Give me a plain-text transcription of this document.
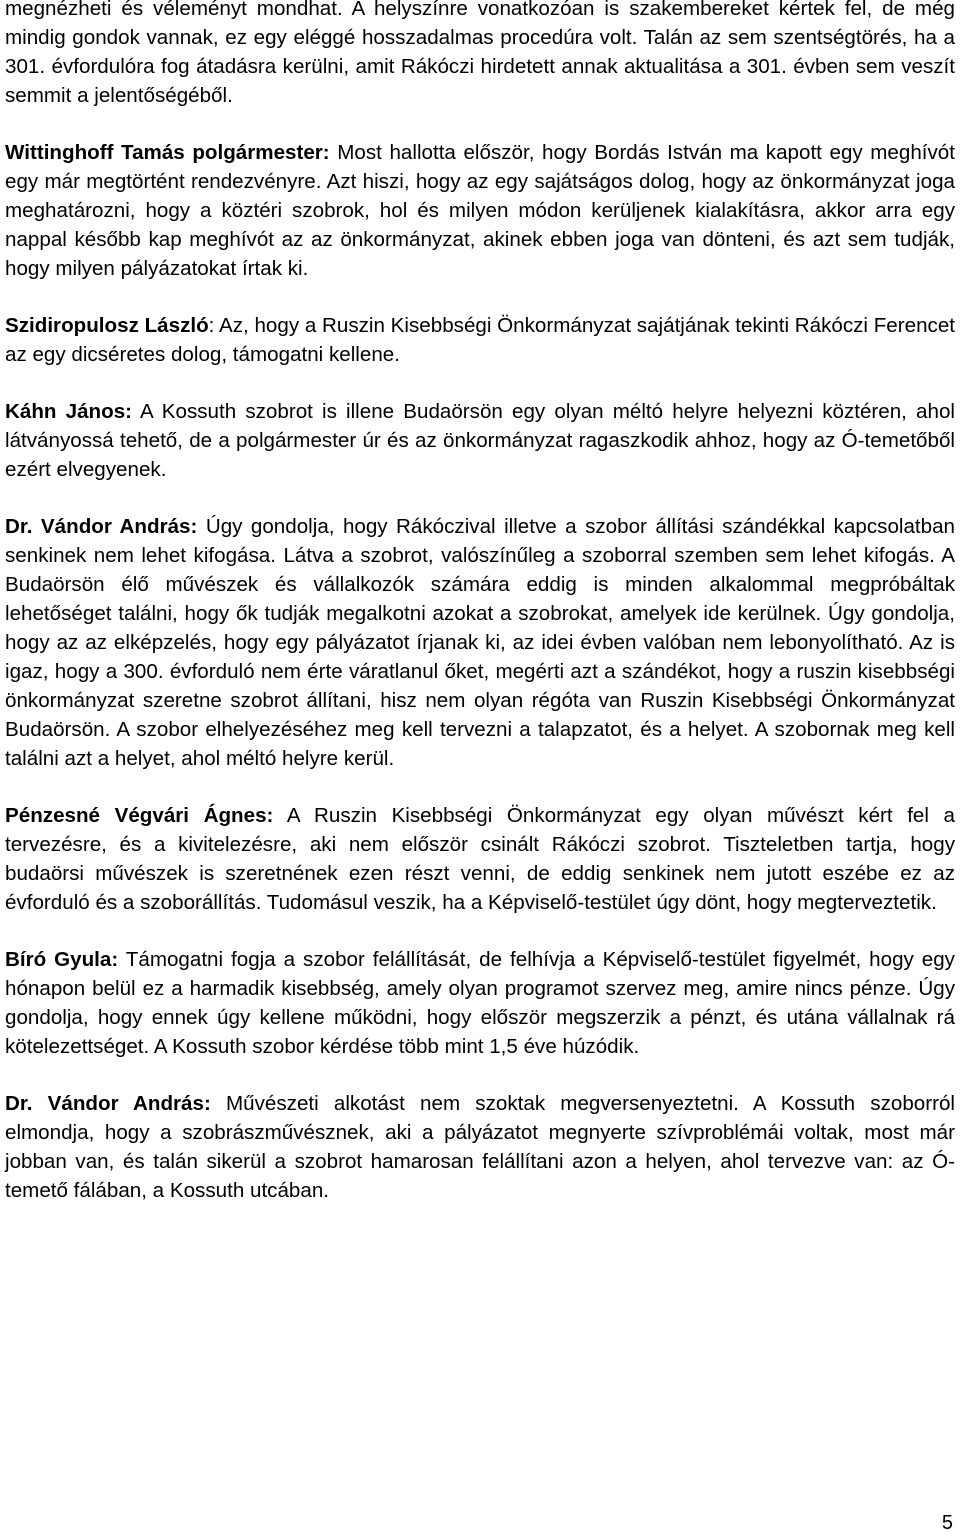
megnézheti és véleményt mondhat. A helyszínre vonatkozóan is szakembereket kértek fel, de még mindig gondok vannak, ez egy eléggé hosszadalmas procedúra volt. Talán az sem szentségtörés, ha a 301. évfordulóra fog átadásra kerülni, amit Rákóczi hirdetett annak aktualitása a 301. évben sem veszít semmit a jelentőségéből.

Wittinghoff Tamás polgármester: Most hallotta először, hogy Bordás István ma kapott egy meghívót egy már megtörtént rendezvényre. Azt hiszi, hogy az egy sajátságos dolog, hogy az önkormányzat joga meghatározni, hogy a köztéri szobrok, hol és milyen módon kerüljenek kialakításra, akkor arra egy nappal később kap meghívót az az önkormányzat, akinek ebben joga van dönteni, és azt sem tudják, hogy milyen pályázatokat írtak ki.

Szidiropulosz László: Az, hogy a Ruszin Kisebbségi Önkormányzat sajátjának tekinti Rákóczi Ferencet az egy dicséretes dolog, támogatni kellene.

Káhn János: A Kossuth szobrot is illene Budaörsön egy olyan méltó helyre helyezni köztéren, ahol látványossá tehető, de a polgármester úr és az önkormányzat ragaszkodik ahhoz, hogy az Ó-temetőből ezért elvegyenek.

Dr. Vándor András: Úgy gondolja, hogy Rákóczival illetve a szobor állítási szándékkal kapcsolatban senkinek nem lehet kifogása. Látva a szobrot, valószínűleg a szoborral szemben sem lehet kifogás. A Budaörsön élő művészek és vállalkozók számára eddig is minden alkalommal megpróbáltak lehetőséget találni, hogy ők tudják megalkotni azokat a szobrokat, amelyek ide kerülnek. Úgy gondolja, hogy az az elképzelés, hogy egy pályázatot írjanak ki, az idei évben valóban nem lebonyolítható. Az is igaz, hogy a 300. évforduló nem érte váratlanul őket, megérti azt a szándékot, hogy a ruszin kisebbségi önkormányzat szeretne szobrot állítani, hisz nem olyan régóta van Ruszin Kisebbségi Önkormányzat Budaörsön. A szobor elhelyezéséhez meg kell tervezni a talapzatot, és a helyet. A szobornak meg kell találni azt a helyet, ahol méltó helyre kerül.

Pénzesné Végvári Ágnes: A Ruszin Kisebbségi Önkormányzat egy olyan művészt kért fel a tervezésre, és a kivitelezésre, aki nem először csinált Rákóczi szobrot. Tiszteletben tartja, hogy budaörsi művészek is szeretnének ezen részt venni, de eddig senkinek nem jutott eszébe ez az évforduló és a szoborállítás. Tudomásul veszik, ha a Képviselő-testület úgy dönt, hogy megterveztetik.

Bíró Gyula: Támogatni fogja a szobor felállítását, de felhívja a Képviselő-testület figyelmét, hogy egy hónapon belül ez a harmadik kisebbség, amely olyan programot szervez meg, amire nincs pénze. Úgy gondolja, hogy ennek úgy kellene működni, hogy először megszerzik a pénzt, és utána vállalnak rá kötelezettséget. A Kossuth szobor kérdése több mint 1,5 éve húzódik.

Dr. Vándor András: Művészeti alkotást nem szoktak megversenyeztetni. A Kossuth szoborról elmondja, hogy a szobrászművésznek, aki a pályázatot megnyerte szívproblémái voltak, most már jobban van, és talán sikerül a szobrot hamarosan felállítani azon a helyen, ahol tervezve van: az Ó- temető fálában, a Kossuth utcában.

5
